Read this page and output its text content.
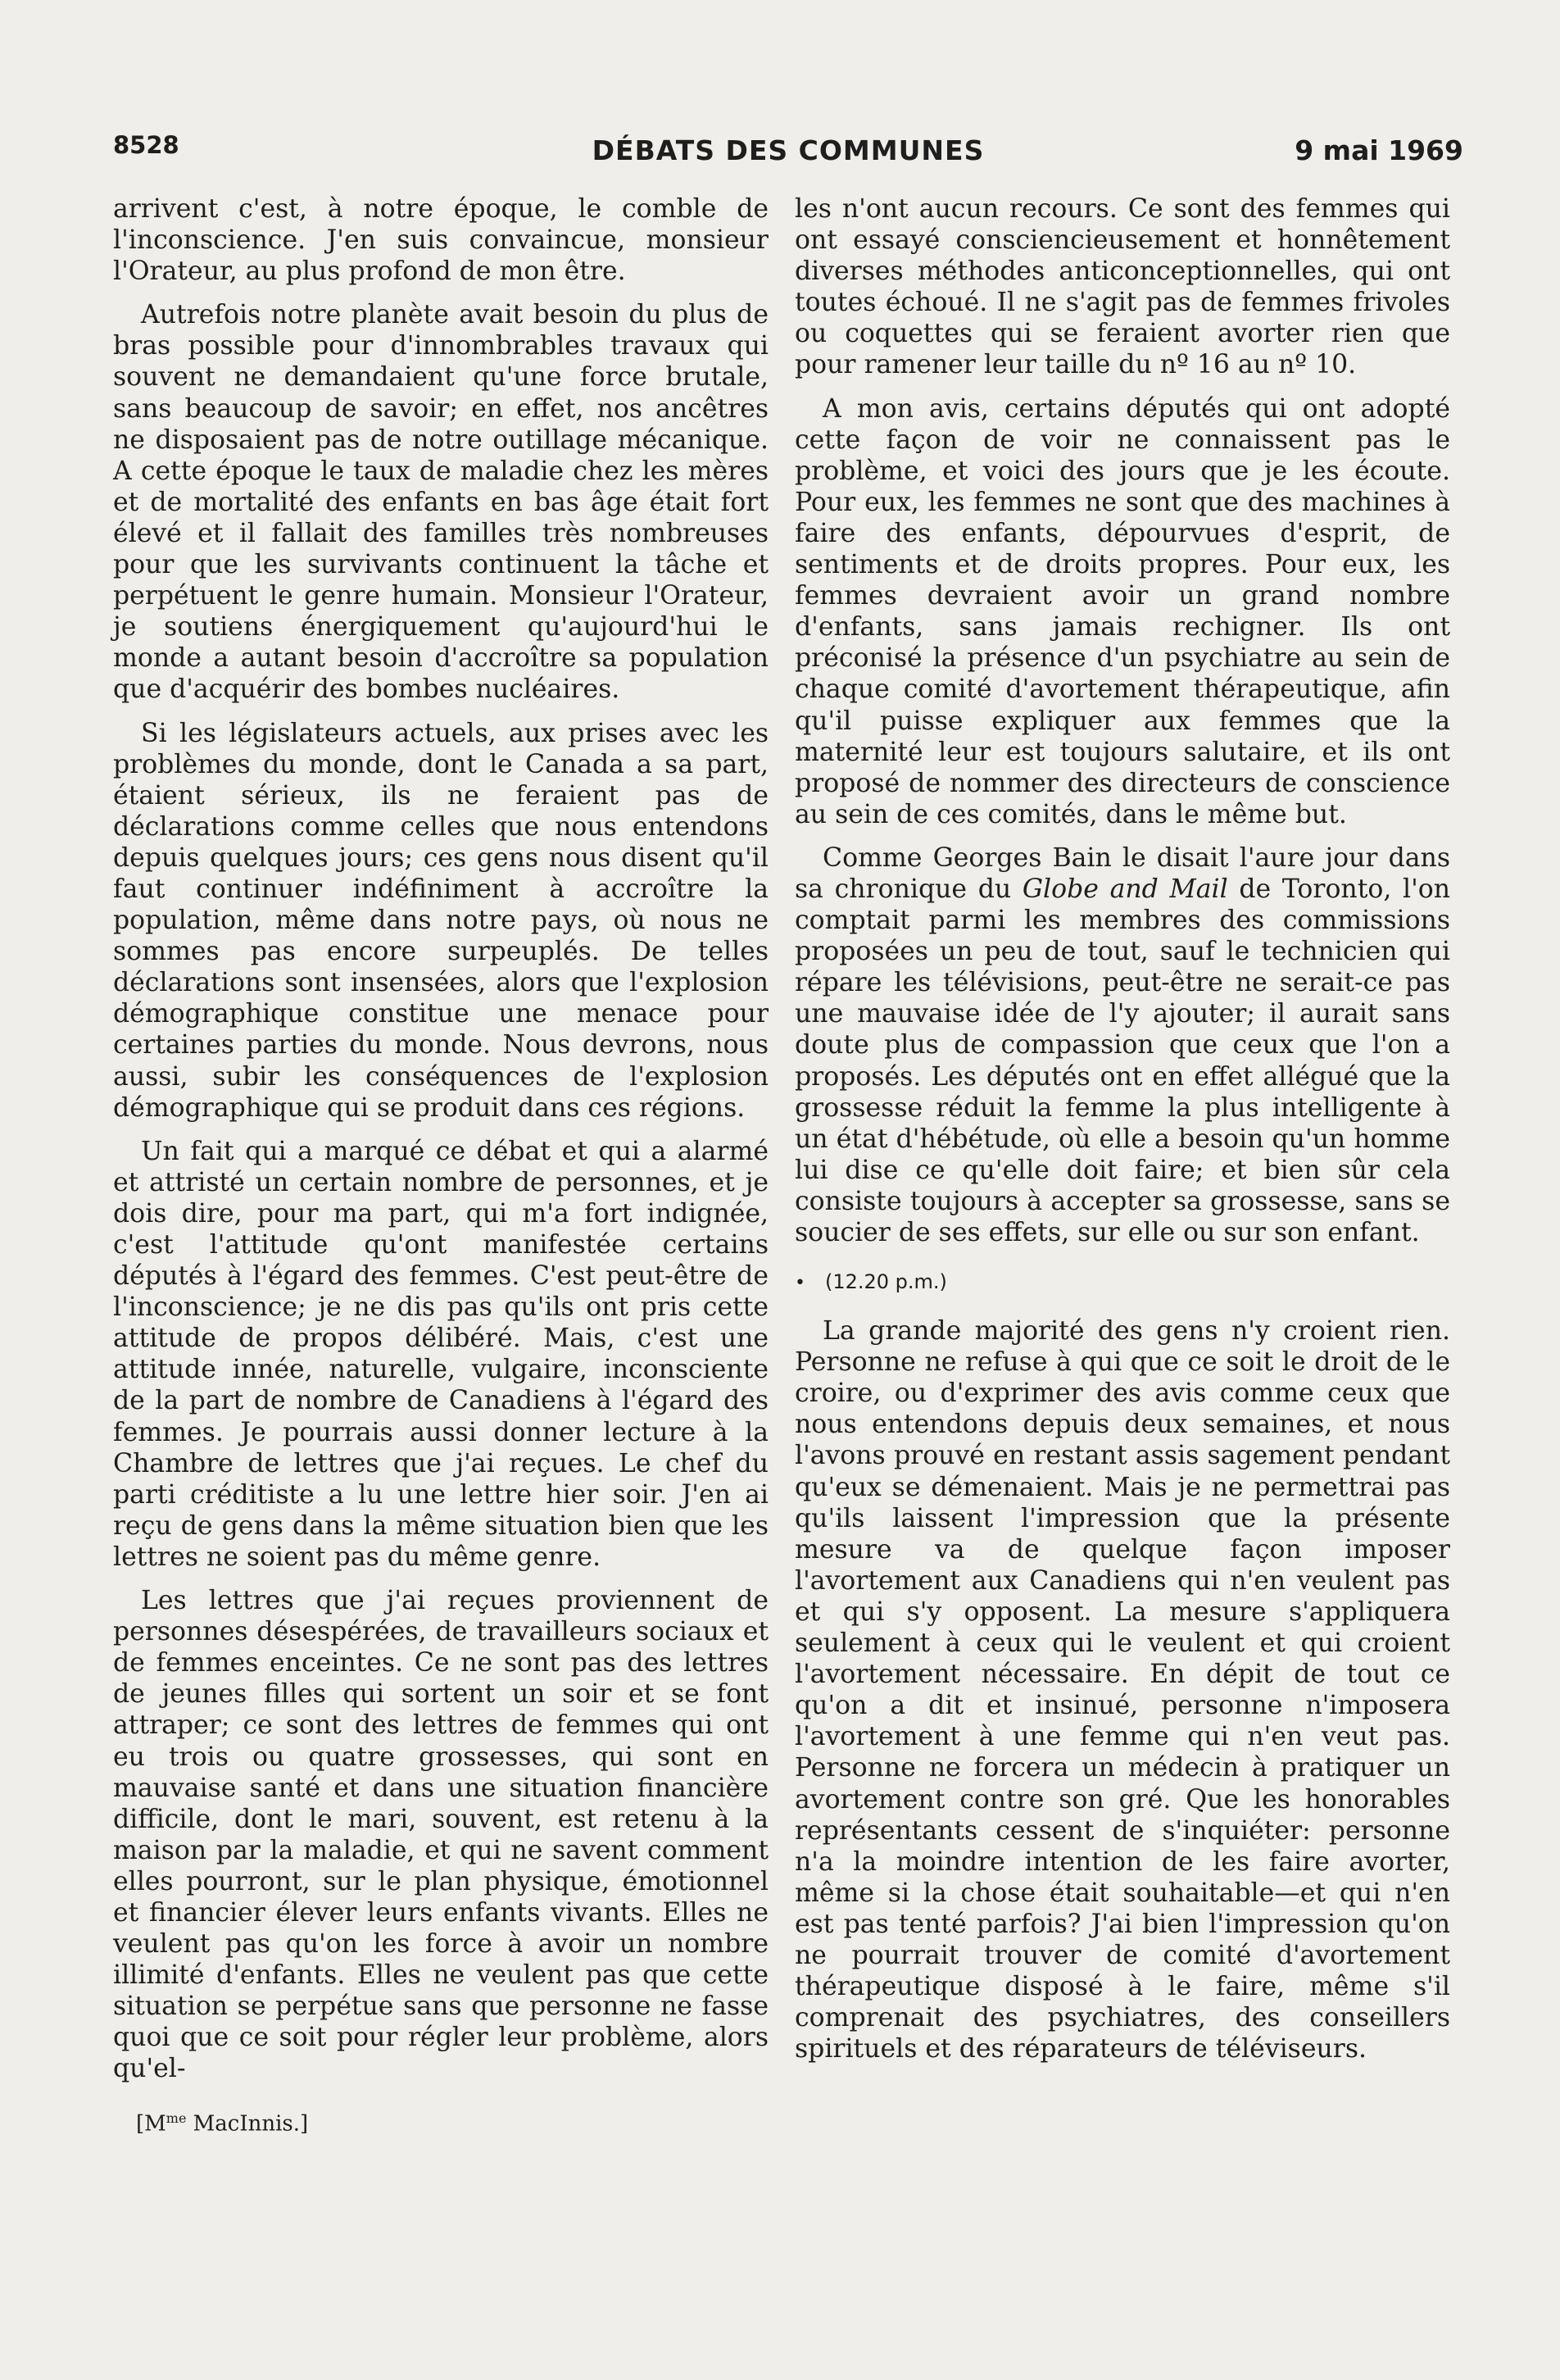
8528	DÉBATS DES COMMUNES	9 mai 1969

arrivent c'est, à notre époque, le comble de l'inconscience. J'en suis convaincue, monsieur l'Orateur, au plus profond de mon être.

Autrefois notre planète avait besoin du plus de bras possible pour d'innombrables travaux qui souvent ne demandaient qu'une force brutale, sans beaucoup de savoir; en effet, nos ancêtres ne disposaient pas de notre outillage mécanique. A cette époque le taux de maladie chez les mères et de mortalité des enfants en bas âge était fort élevé et il fallait des familles très nombreuses pour que les survivants continuent la tâche et perpétuent le genre humain. Monsieur l'Orateur, je soutiens énergiquement qu'aujourd'hui le monde a autant besoin d'accroître sa population que d'acquérir des bombes nucléaires.

Si les législateurs actuels, aux prises avec les problèmes du monde, dont le Canada a sa part, étaient sérieux, ils ne feraient pas de déclarations comme celles que nous entendons depuis quelques jours; ces gens nous disent qu'il faut continuer indéfiniment à accroître la population, même dans notre pays, où nous ne sommes pas encore surpeuplés. De telles déclarations sont insensées, alors que l'explosion démographique constitue une menace pour certaines parties du monde. Nous devrons, nous aussi, subir les conséquences de l'explosion démographique qui se produit dans ces régions.

Un fait qui a marqué ce débat et qui a alarmé et attristé un certain nombre de personnes, et je dois dire, pour ma part, qui m'a fort indignée, c'est l'attitude qu'ont manifestée certains députés à l'égard des femmes. C'est peut-être de l'inconscience; je ne dis pas qu'ils ont pris cette attitude de propos délibéré. Mais, c'est une attitude innée, naturelle, vulgaire, inconsciente de la part de nombre de Canadiens à l'égard des femmes. Je pourrais aussi donner lecture à la Chambre de lettres que j'ai reçues. Le chef du parti créditiste a lu une lettre hier soir. J'en ai reçu de gens dans la même situation bien que les lettres ne soient pas du même genre.

Les lettres que j'ai reçues proviennent de personnes désespérées, de travailleurs sociaux et de femmes enceintes. Ce ne sont pas des lettres de jeunes filles qui sortent un soir et se font attraper; ce sont des lettres de femmes qui ont eu trois ou quatre grossesses, qui sont en mauvaise santé et dans une situation financière difficile, dont le mari, souvent, est retenu à la maison par la maladie, et qui ne savent comment elles pourront, sur le plan physique, émotionnel et financier élever leurs enfants vivants. Elles ne veulent pas qu'on les force à avoir un nombre illimité d'enfants. Elles ne veulent pas que cette situation se perpétue sans que personne ne fasse quoi que ce soit pour régler leur problème, alors qu'el-

[$M^{me}$ MacInnis.]

les n'ont aucun recours. Ce sont des femmes qui ont essayé consciencieusement et honnêtement diverses méthodes anticonceptionnelles, qui ont toutes échoué. Il ne s'agit pas de femmes frivoles ou coquettes qui se feraient avorter rien que pour ramener leur taille du nº 16 au nº 10.

A mon avis, certains députés qui ont adopté cette façon de voir ne connaissent pas le problème, et voici des jours que je les écoute. Pour eux, les femmes ne sont que des machines à faire des enfants, dépourvues d'esprit, de sentiments et de droits propres. Pour eux, les femmes devraient avoir un grand nombre d'enfants, sans jamais rechigner. Ils ont préconisé la présence d'un psychiatre au sein de chaque comité d'avortement thérapeutique, afin qu'il puisse expliquer aux femmes que la maternité leur est toujours salutaire, et ils ont proposé de nommer des directeurs de conscience au sein de ces comités, dans le même but.

Comme Georges Bain le disait l'aure jour dans sa chronique du Globe and Mail de Toronto, l'on comptait parmi les membres des commissions proposées un peu de tout, sauf le technicien qui répare les télévisions, peut-être ne serait-ce pas une mauvaise idée de l'y ajouter; il aurait sans doute plus de compassion que ceux que l'on a proposés. Les députés ont en effet allégué que la grossesse réduit la femme la plus intelligente à un état d'hébétude, où elle a besoin qu'un homme lui dise ce qu'elle doit faire; et bien sûr cela consiste toujours à accepter sa grossesse, sans se soucier de ses effets, sur elle ou sur son enfant.

• (12.20 p.m.)

La grande majorité des gens n'y croient rien. Personne ne refuse à qui que ce soit le droit de le croire, ou d'exprimer des avis comme ceux que nous entendons depuis deux semaines, et nous l'avons prouvé en restant assis sagement pendant qu'eux se démenaient. Mais je ne permettrai pas qu'ils laissent l'impression que la présente mesure va de quelque façon imposer l'avortement aux Canadiens qui n'en veulent pas et qui s'y opposent. La mesure s'appliquera seulement à ceux qui le veulent et qui croient l'avortement nécessaire. En dépit de tout ce qu'on a dit et insinué, personne n'imposera l'avortement à une femme qui n'en veut pas. Personne ne forcera un médecin à pratiquer un avortement contre son gré. Que les honorables représentants cessent de s'inquiéter: personne n'a la moindre intention de les faire avorter, même si la chose était souhaitable—et qui n'en est pas tenté parfois? J'ai bien l'impression qu'on ne pourrait trouver de comité d'avortement thérapeutique disposé à le faire, même s'il comprenait des psychiatres, des conseillers spirituels et des réparateurs de téléviseurs.
